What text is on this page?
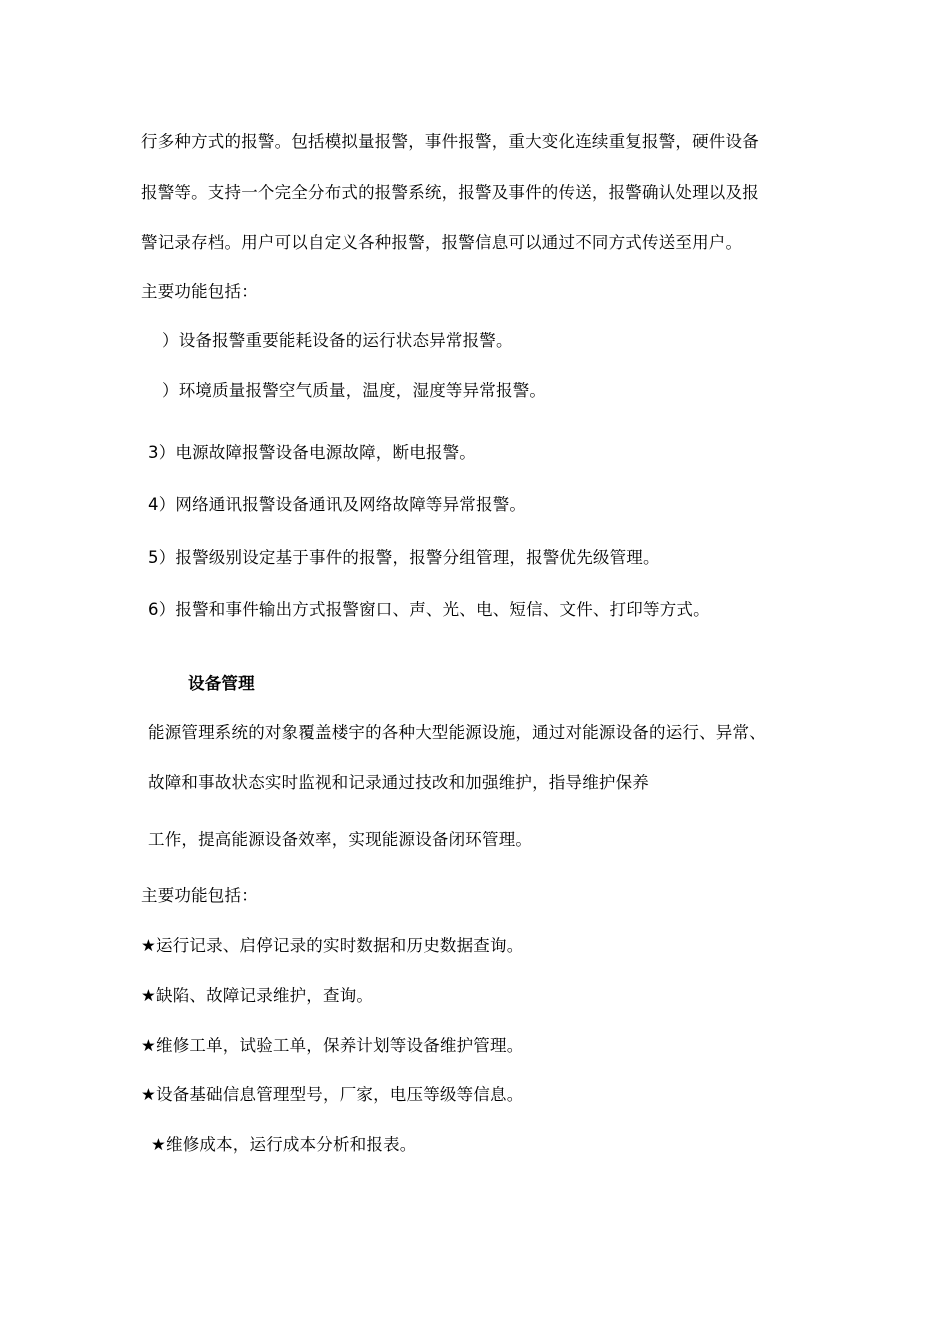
行多种方式的报警。包括模拟量报警，事件报警，重大变化连续重复报警，硬件设备
报警等。支持一个完全分布式的报警系统，报警及事件的传送，报警确认处理以及报
警记录存档。用户可以自定义各种报警，报警信息可以通过不同方式传送至用户。
主要功能包括：
）设备报警重要能耗设备的运行状态异常报警。
）环境质量报警空气质量，温度，湿度等异常报警。
3）电源故障报警设备电源故障，断电报警。
4）网络通讯报警设备通讯及网络故障等异常报警。
5）报警级别设定基于事件的报警，报警分组管理，报警优先级管理。
6）报警和事件输出方式报警窗口、声、光、电、短信、文件、打印等方式。
设备管理
能源管理系统的对象覆盖楼宇的各种大型能源设施，通过对能源设备的运行、异常、
故障和事故状态实时监视和记录通过技改和加强维护，指导维护保养
工作，提高能源设备效率，实现能源设备闭环管理。
主要功能包括：
★运行记录、启停记录的实时数据和历史数据查询。
★缺陷、故障记录维护，查询。
★维修工单，试验工单，保养计划等设备维护管理。
★设备基础信息管理型号，厂家，电压等级等信息。
★维修成本，运行成本分析和报表。
